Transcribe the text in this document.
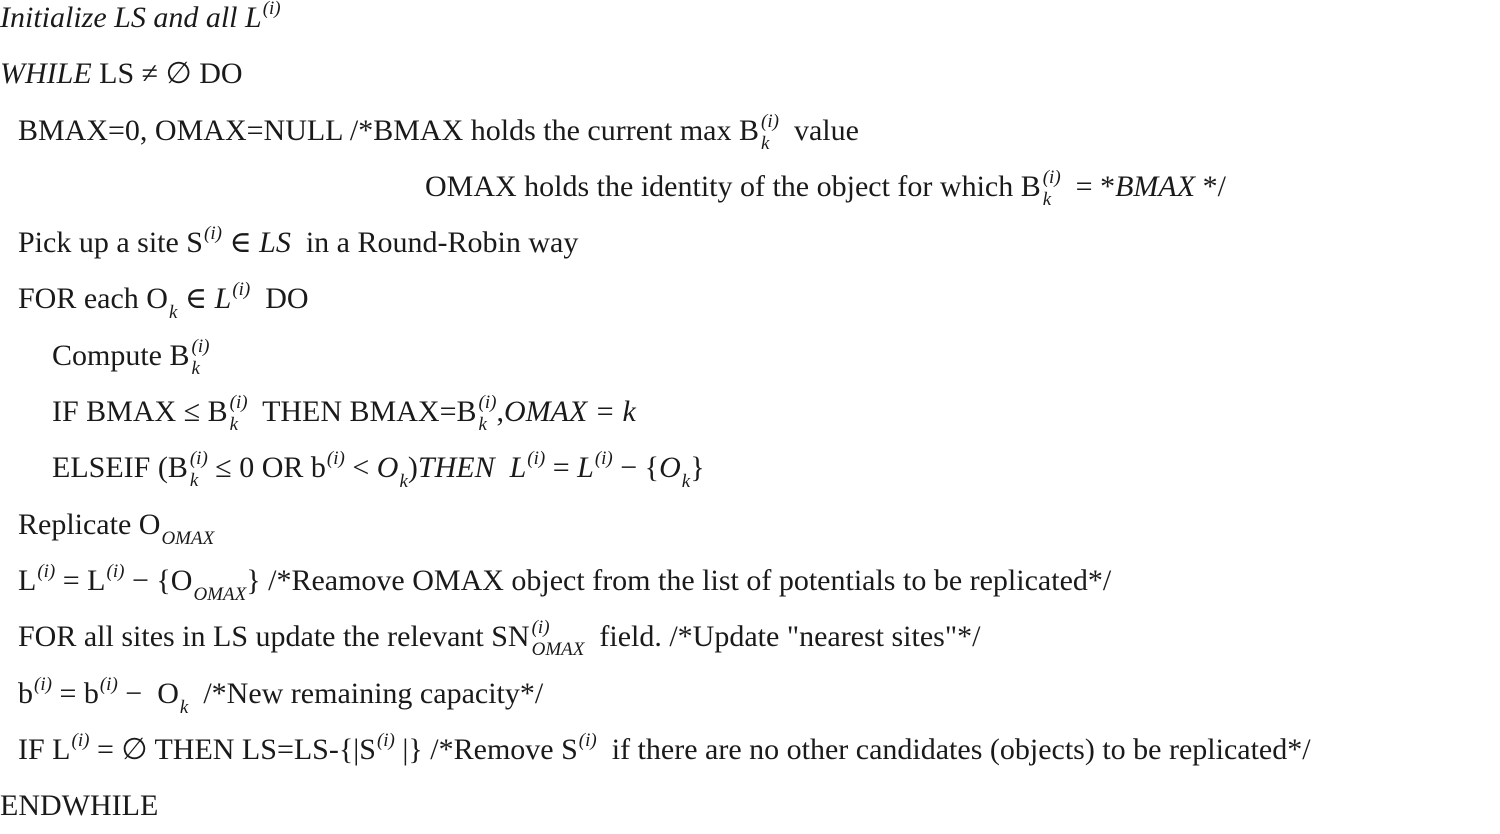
Initialize LS and all $L^{(i)}$
WHILE LS ≠ ∅ DO
BMAX=0, OMAX=NULL /*BMAX holds the current max B (i)
k value
OMAX holds the identity of the object for which B (i)
k = *BMAX */
Pick up a site $S^{(i)}$ ∈ LS  in a Round-Robin way
FOR each $O_k$ ∈ $L^{(i)}$  DO
Compute B (i)
k
IF BMAX ≤ B (i)
k THEN BMAX=B (i)
k ,OMAX = k
ELSEIF (B (i)
k ≤ 0 OR $b^{(i)}$ < $O_k)THEN$  $L^{(i)} = L^{(i)} - \{O_k\}$
Replicate $O_{OMAX}$
$L^{(i)} = L^{(i)} - \{O_{OMAX}\}$ /*Reamove OMAX object from the list of potentials to be replicated*/
FOR all sites in LS update the relevant SN (i)
OMAX field. /*Update "nearest sites"*/
$b^{(i)} = b^{(i)} - O_k$  /*New remaining capacity*/
IF $L^{(i)}$ = ∅ THEN $LS=LS-\{|S^{(i)}$ |} /*Remove $S^{(i)}$  if there are no other candidates (objects) to be replicated*/
ENDWHILE
